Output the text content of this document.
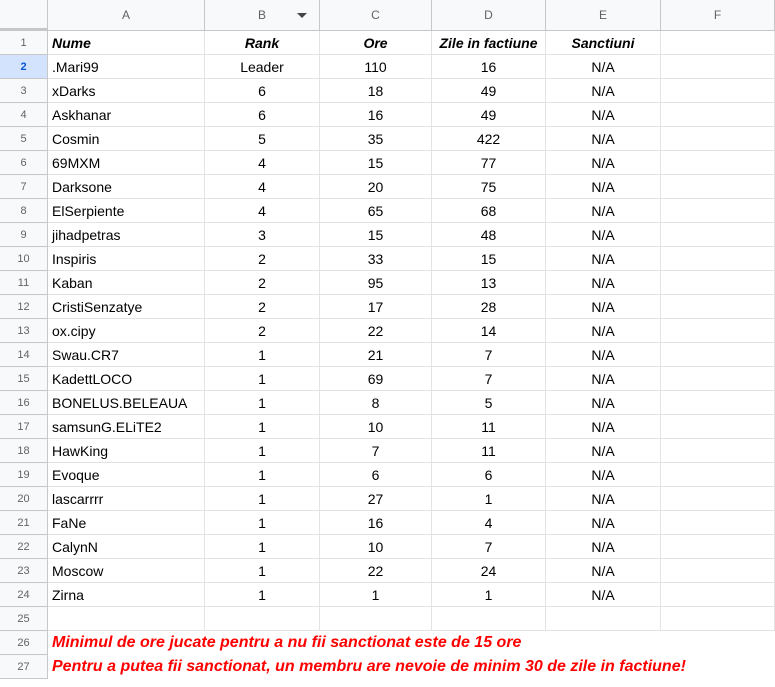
A	B	C	D	E	F
1	Nume	Rank	Ore	Zile in factiune	Sanctiuni
2	.Mari99	Leader	110	16	N/A
3	xDarks	6	18	49	N/A
4	Askhanar	6	16	49	N/A
5	Cosmin	5	35	422	N/A
6	69MXM	4	15	77	N/A
7	Darksone	4	20	75	N/A
8	ElSerpiente	4	65	68	N/A
9	jihadpetras	3	15	48	N/A
10	Inspiris	2	33	15	N/A
11	Kaban	2	95	13	N/A
12	CristiSenzatye	2	17	28	N/A
13	ox.cipy	2	22	14	N/A
14	Swau.CR7	1	21	7	N/A
15	KadettLOCO	1	69	7	N/A
16	BONELUS.BELEAUA	1	8	5	N/A
17	samsunG.ELiTE2	1	10	11	N/A
18	HawKing	1	7	11	N/A
19	Evoque	1	6	6	N/A
20	lascarrrr	1	27	1	N/A
21	FaNe	1	16	4	N/A
22	CalynN	1	10	7	N/A
23	Moscow	1	22	24	N/A
24	Zirna	1	1	1	N/A
25
26	Minimul de ore jucate pentru a nu fii sanctionat este de 15 ore
27	Pentru a putea fii sanctionat, un membru are nevoie de minim 30 de zile in factiune!
